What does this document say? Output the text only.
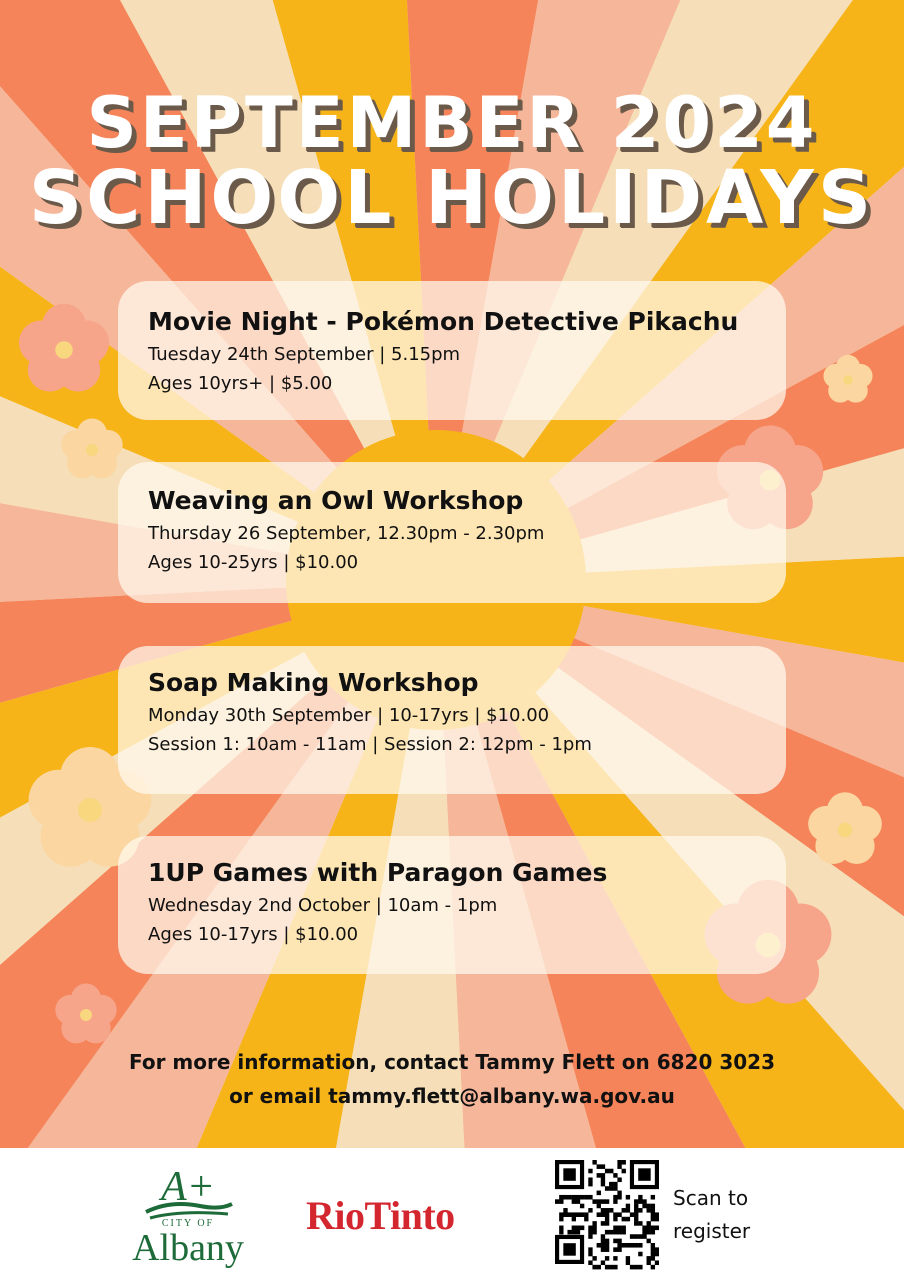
SEPTEMBER 2024
SCHOOL HOLIDAYS
Movie Night - Pokémon Detective Pikachu
Tuesday 24th September | 5.15pm
Ages 10yrs+ | $5.00
Weaving an Owl Workshop
Thursday 26 September, 12.30pm - 2.30pm
Ages 10-25yrs | $10.00
Soap Making Workshop
Monday 30th September | 10-17yrs | $10.00
Session 1: 10am - 11am | Session 2: 12pm - 1pm
1UP Games with Paragon Games
Wednesday 2nd October | 10am - 1pm
Ages 10-17yrs | $10.00
For more information, contact Tammy Flett on 6820 3023
or email tammy.flett@albany.wa.gov.au
A+
CITY OF
Albany
RioTinto	Scan to
register
